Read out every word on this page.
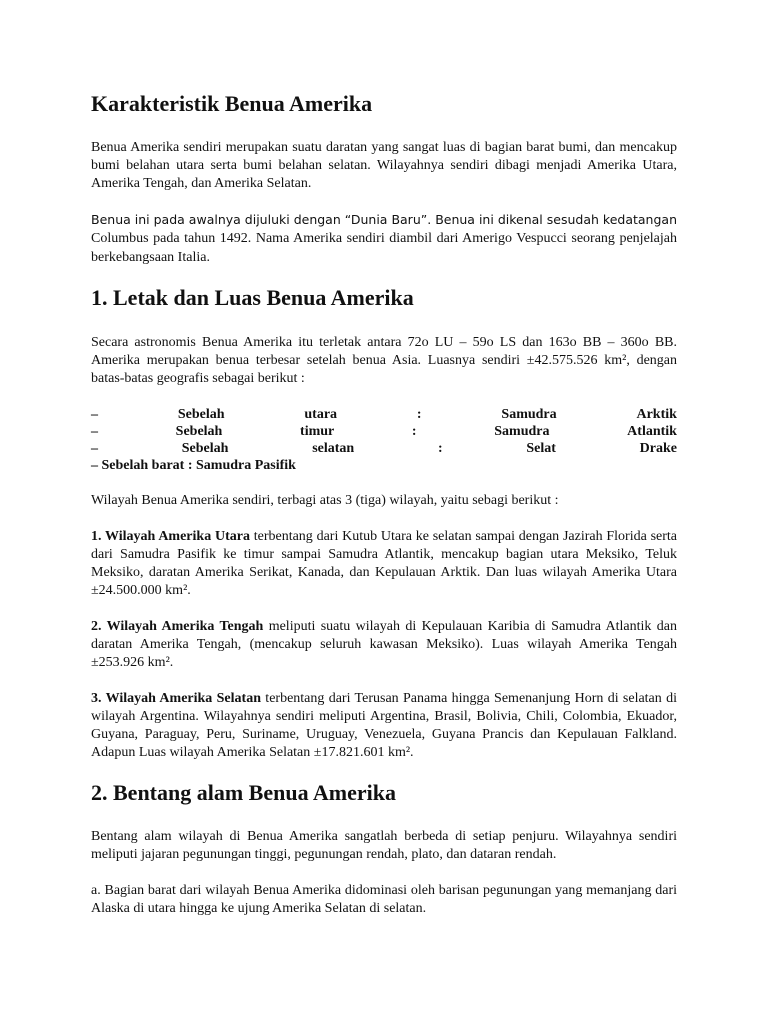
Karakteristik Benua Amerika

Benua Amerika sendiri merupakan suatu daratan yang sangat luas di bagian barat bumi, dan mencakup bumi belahan utara serta bumi belahan selatan. Wilayahnya sendiri dibagi menjadi Amerika Utara, Amerika Tengah, dan Amerika Selatan.

Benua ini pada awalnya dijuluki dengan “Dunia Baru”. Benua ini dikenal sesudah kedatangan Columbus pada tahun 1492. Nama Amerika sendiri diambil dari Amerigo Vespucci seorang penjelajah berkebangsaan Italia.

1. Letak dan Luas Benua Amerika

Secara astronomis Benua Amerika itu terletak antara 72o LU – 59o LS dan 163o BB – 360o BB. Amerika merupakan benua terbesar setelah benua Asia. Luasnya sendiri ±42.575.526 km², dengan batas-batas geografis sebagai berikut :

–	Sebelah	utara	:	Samudra	Arktik
–	Sebelah	timur	:	Samudra	Atlantik
–	Sebelah	selatan	:	Selat	Drake
– Sebelah barat : Samudra Pasifik

Wilayah Benua Amerika sendiri, terbagi atas 3 (tiga) wilayah, yaitu sebagi berikut :

1. Wilayah Amerika Utara terbentang dari Kutub Utara ke selatan sampai dengan Jazirah Florida serta dari Samudra Pasifik ke timur sampai Samudra Atlantik, mencakup bagian utara Meksiko, Teluk Meksiko, daratan Amerika Serikat, Kanada, dan Kepulauan Arktik. Dan luas wilayah Amerika Utara ±24.500.000 km².

2. Wilayah Amerika Tengah meliputi suatu wilayah di Kepulauan Karibia di Samudra Atlantik dan daratan Amerika Tengah, (mencakup seluruh kawasan Meksiko). Luas wilayah Amerika Tengah ±253.926 km².

3. Wilayah Amerika Selatan terbentang dari Terusan Panama hingga Semenanjung Horn di selatan di wilayah Argentina. Wilayahnya sendiri meliputi Argentina, Brasil, Bolivia, Chili, Colombia, Ekuador, Guyana, Paraguay, Peru, Suriname, Uruguay, Venezuela, Guyana Prancis dan Kepulauan Falkland. Adapun Luas wilayah Amerika Selatan ±17.821.601 km².

2. Bentang alam Benua Amerika

Bentang alam wilayah di Benua Amerika sangatlah berbeda di setiap penjuru. Wilayahnya sendiri meliputi jajaran pegunungan tinggi, pegunungan rendah, plato, dan dataran rendah.

a. Bagian barat dari wilayah Benua Amerika didominasi oleh barisan pegunungan yang memanjang dari Alaska di utara hingga ke ujung Amerika Selatan di selatan.
